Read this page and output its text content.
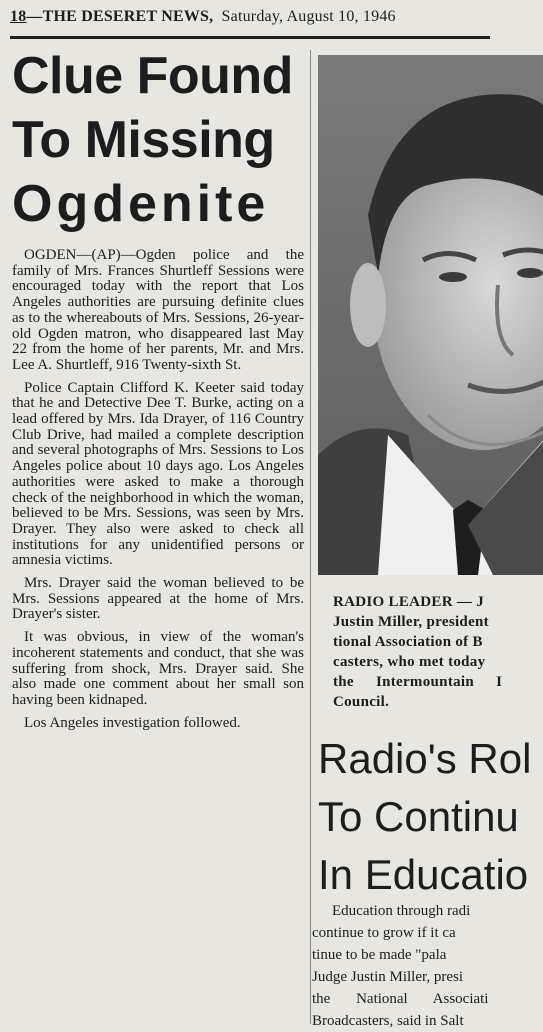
18—THE DESERET NEWS, Saturday, August 10, 1946
Clue Found
To Missing
Ogdenite

OGDEN—(AP)—Ogden police and the family of Mrs. Frances Shurtleff Sessions were encouraged today with the report that Los Angeles authorities are pursuing definite clues as to the whereabouts of Mrs. Sessions, 26-year-old Ogden matron, who disappeared last May 22 from the home of her parents, Mr. and Mrs. Lee A. Shurtleff, 916 Twenty-sixth St.

Police Captain Clifford K. Keeter said today that he and Detective Dee T. Burke, acting on a lead offered by Mrs. Ida Drayer, of 116 Country Club Drive, had mailed a complete description and several photographs of Mrs. Sessions to Los Angeles police about 10 days ago. Los Angeles authorities were asked to make a thorough check of the neighborhood in which the woman, believed to be Mrs. Sessions, was seen by Mrs. Drayer. They also were asked to check all institutions for any unidentified persons or amnesia victims.

Mrs. Drayer said the woman believed to be Mrs. Sessions appeared at the home of Mrs. Drayer's sister.

It was obvious, in view of the woman's incoherent statements and conduct, that she was suffering from shock, Mrs. Drayer said. She also made one comment about her small son having been kidnaped.

Los Angeles investigation followed.

RADIO LEADER — J
Justin Miller, president
tional Association of B
casters, who met today
the Intermountain I
Council.
Radio's Rol
To Continu
In Educatio
Education through radi
continue to grow if it ca
tinue to be made "pala
Judge Justin Miller, presi
the National Associati
Broadcasters, said in Salt
